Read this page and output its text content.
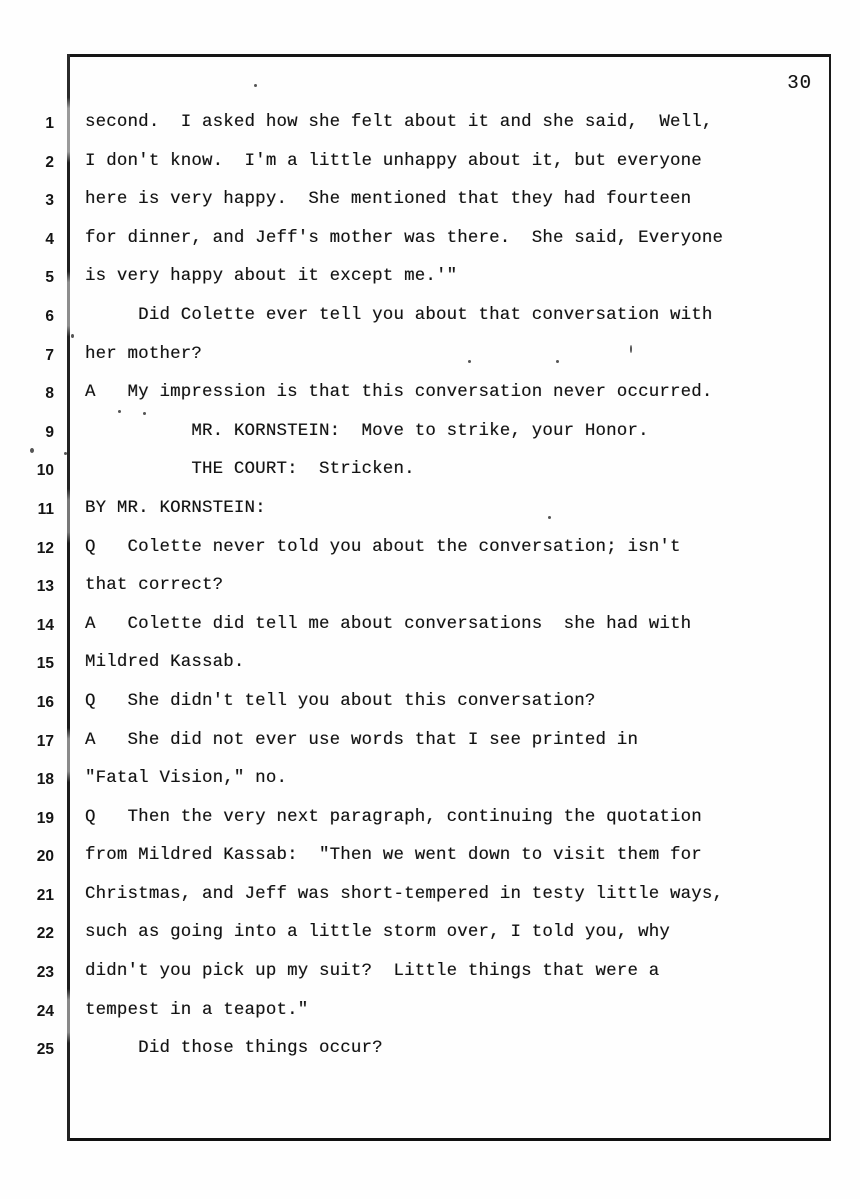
30
1 second.  I asked how she felt about it and she said,  Well,
2 I don't know.  I'm a little unhappy about it, but everyone
3 here is very happy.  She mentioned that they had fourteen
4 for dinner, and Jeff's mother was there.  She said, Everyone
5 is very happy about it except me.'"
6 Did Colette ever tell you about that conversation with
7 her mother?
8 A   My impression is that this conversation never occurred.
9 MR. KORNSTEIN:  Move to strike, your Honor.
10 THE COURT:  Stricken.
11 BY MR. KORNSTEIN:
12 Q   Colette never told you about the conversation; isn't
13 that correct?
14 A   Colette did tell me about conversations  she had with
15 Mildred Kassab.
16 Q   She didn't tell you about this conversation?
17 A   She did not ever use words that I see printed in
18 "Fatal Vision," no.
19 Q   Then the very next paragraph, continuing the quotation
20 from Mildred Kassab:  "Then we went down to visit them for
21 Christmas, and Jeff was short-tempered in testy little ways,
22 such as going into a little storm over, I told you, why
23 didn't you pick up my suit?  Little things that were a
24 tempest in a teapot."
25 Did those things occur?
